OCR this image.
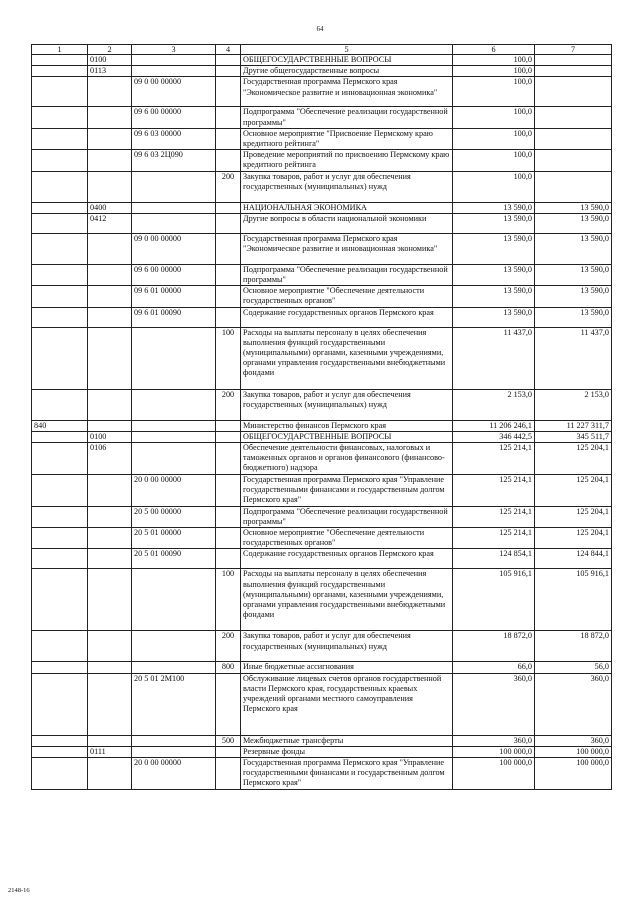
64
1	2	3	4	5	6	7
	0100			ОБЩЕГОСУДАРСТВЕННЫЕ ВОПРОСЫ	100,0	
	0113			Другие общегосударственные вопросы	100,0	
		09 0 00 00000		Государственная программа Пермского края "Экономическое развитие и инновационная экономика"	100,0	
		09 6 00 00000		Подпрограмма "Обеспечение реализации государственной программы"	100,0	
		09 6 03 00000		Основное мероприятие "Присвоение Пермскому краю кредитного рейтинга"	100,0	
		09 6 03 2Ц090		Проведение мероприятий по присвоению Пермскому краю кредитного рейтинга	100,0	
			200	Закупка товаров, работ и услуг для обеспечения государственных (муниципальных) нужд	100,0	
	0400			НАЦИОНАЛЬНАЯ ЭКОНОМИКА	13 590,0	13 590,0
	0412			Другие вопросы в области национальной экономики	13 590,0	13 590,0
		09 0 00 00000		Государственная программа Пермского края "Экономическое развитие и инновационная экономика"	13 590,0	13 590,0
		09 6 00 00000		Подпрограмма "Обеспечение реализации государственной программы"	13 590,0	13 590,0
		09 6 01 00000		Основное мероприятие "Обеспечение деятельности государственных органов"	13 590,0	13 590,0
		09 6 01 00090		Содержание государственных органов Пермского края	13 590,0	13 590,0
			100	Расходы на выплаты персоналу в целях обеспечения выполнения функций государственными (муниципальными) органами, казенными учреждениями, органами управления государственными внебюджетными фондами	11 437,0	11 437,0
			200	Закупка товаров, работ и услуг для обеспечения государственных (муниципальных) нужд	2 153,0	2 153,0
840				Министерство финансов Пермского края	11 206 246,1	11 227 311,7
	0100			ОБЩЕГОСУДАРСТВЕННЫЕ ВОПРОСЫ	346 442,5	345 511,7
	0106			Обеспечение деятельности финансовых, налоговых и таможенных органов и органов финансового (финансово-бюджетного) надзора	125 214,1	125 204,1
		20 0 00 00000		Государственная программа Пермского края "Управление государственными финансами и государственным долгом Пермского края"	125 214,1	125 204,1
		20 5 00 00000		Подпрограмма "Обеспечение реализации государственной программы"	125 214,1	125 204,1
		20 5 01 00000		Основное мероприятие "Обеспечение деятельности государственных органов"	125 214,1	125 204,1
		20 5 01 00090		Содержание государственных органов Пермского края	124 854,1	124 844,1
			100	Расходы на выплаты персоналу в целях обеспечения выполнения функций государственными (муниципальными) органами, казенными учреждениями, органами управления государственными внебюджетными фондами	105 916,1	105 916,1
			200	Закупка товаров, работ и услуг для обеспечения государственных (муниципальных) нужд	18 872,0	18 872,0
			800	Иные бюджетные ассигнования	66,0	56,0
		20 5 01 2М100		Обслуживание лицевых счетов органов государственной власти Пермского края, государственных краевых учреждений органами местного самоуправления Пермского края	360,0	360,0
			500	Межбюджетные трансферты	360,0	360,0
	0111			Резервные фонды	100 000,0	100 000,0
		20 0 00 00000		Государственная программа Пермского края "Управление государственными финансами и государственным долгом Пермского края"	100 000,0	100 000,0
2148-16
